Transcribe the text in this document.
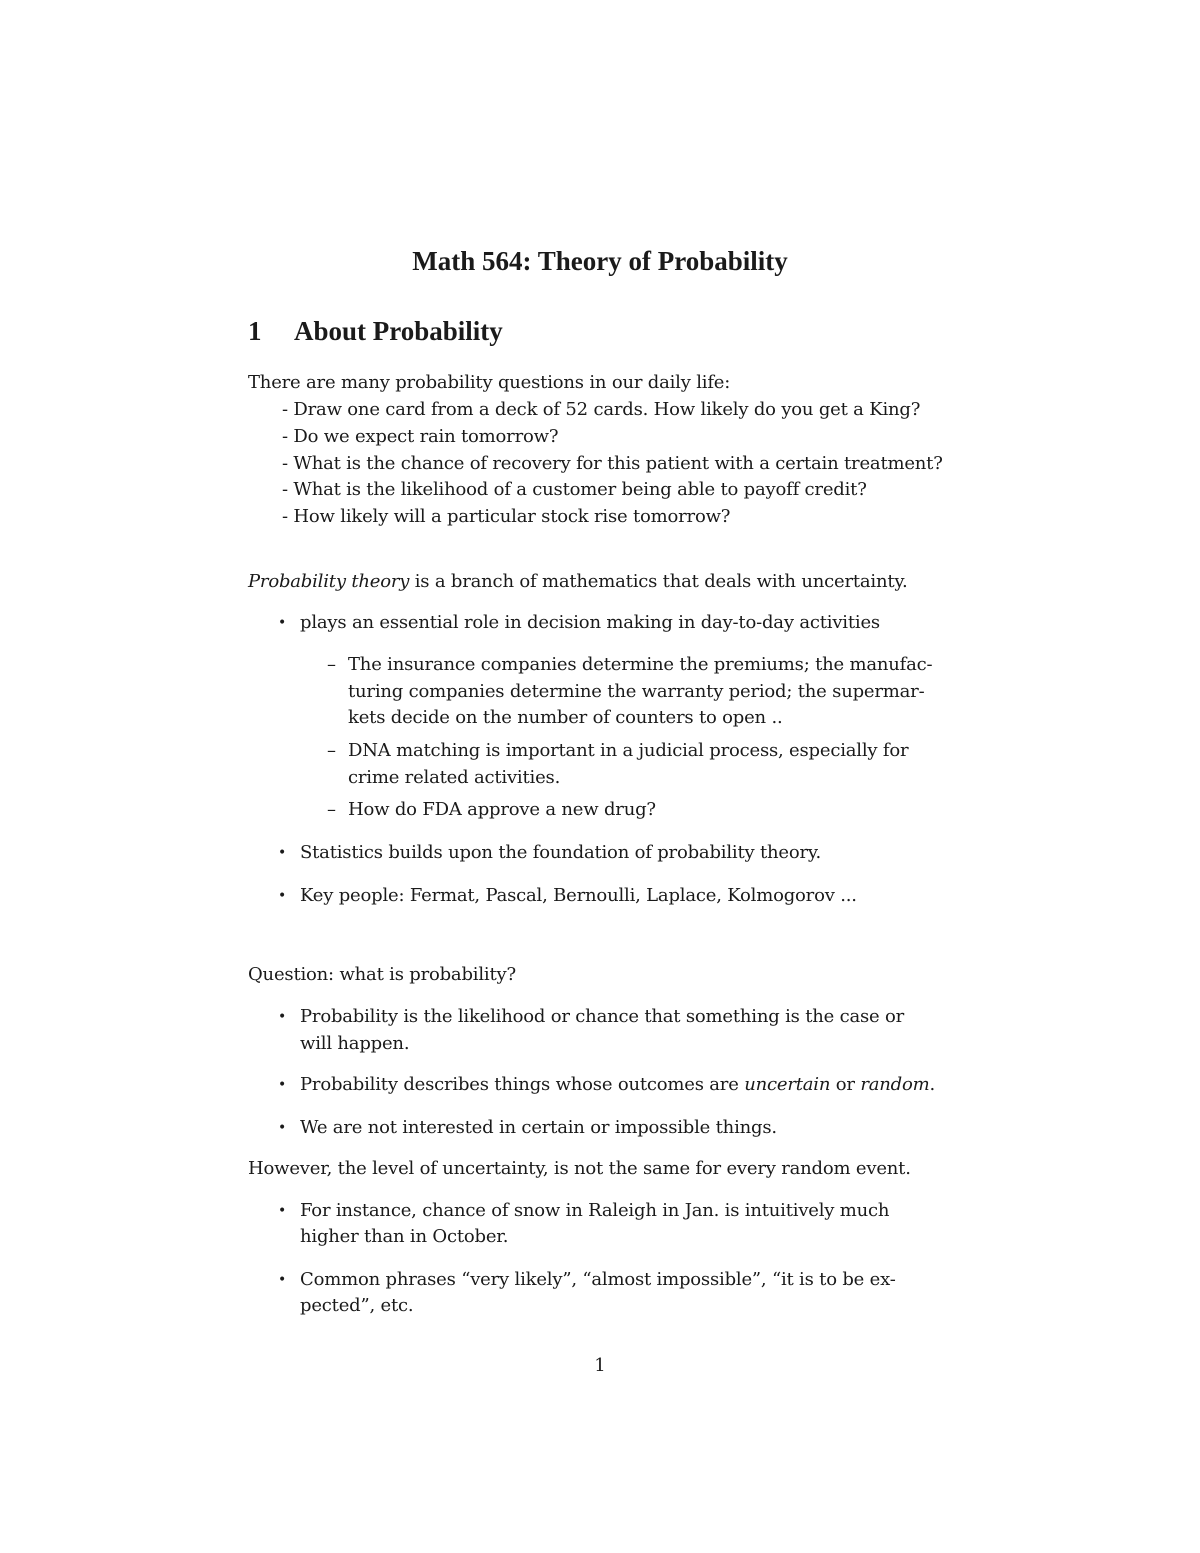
Math 564: Theory of Probability
1 About Probability
There are many probability questions in our daily life:
- Draw one card from a deck of 52 cards. How likely do you get a King?
- Do we expect rain tomorrow?
- What is the chance of recovery for this patient with a certain treatment?
- What is the likelihood of a customer being able to payoff credit?
- How likely will a particular stock rise tomorrow?
Probability theory is a branch of mathematics that deals with uncertainty.
• plays an essential role in decision making in day-to-day activities
– The insurance companies determine the premiums; the manufac-
turing companies determine the warranty period; the supermar-
kets decide on the number of counters to open ..
– DNA matching is important in a judicial process, especially for
crime related activities.
– How do FDA approve a new drug?
• Statistics builds upon the foundation of probability theory.
• Key people: Fermat, Pascal, Bernoulli, Laplace, Kolmogorov ...
Question: what is probability?
• Probability is the likelihood or chance that something is the case or
will happen.
• Probability describes things whose outcomes are uncertain or random.
• We are not interested in certain or impossible things.
However, the level of uncertainty, is not the same for every random event.
• For instance, chance of snow in Raleigh in Jan. is intuitively much
higher than in October.
• Common phrases “very likely”, “almost impossible”, “it is to be ex-
pected”, etc.
1
